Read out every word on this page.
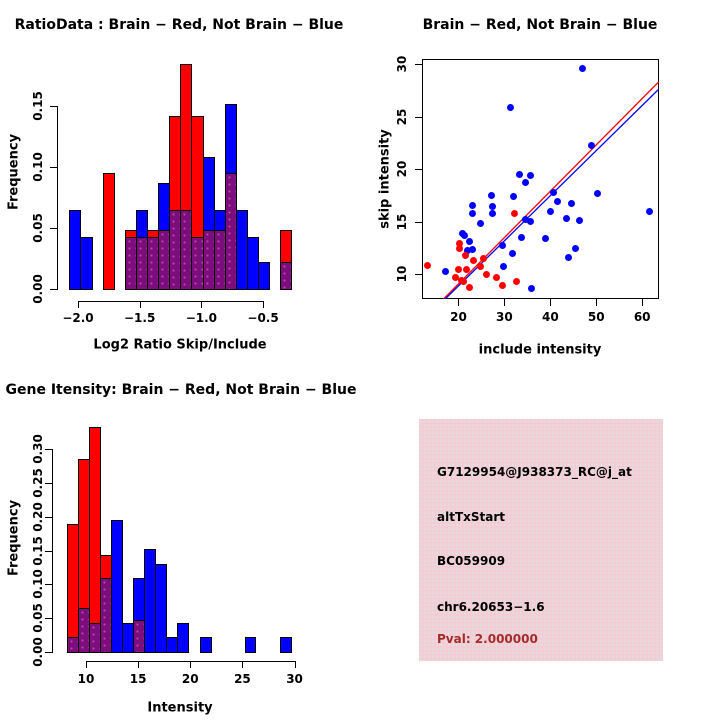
RatioData : Brain − Red, Not Brain − Blue
Frequency
Log2 Ratio Skip/Include
0.00
0.05
0.10
0.15
−2.0	−1.5	−1.0	−0.5
Brain − Red, Not Brain − Blue
skip intensity
include intensity
20 30 40 50 60
10
15
20
25
30
Gene Itensity: Brain − Red, Not Brain − Blue
Frequency
Intensity
0.00
0.05
0.10
0.15
0.20
0.25
0.30
10	15	20	25	30
G7129954@J938373_RC@j_at
altTxStart
BC059909
chr6.20653−1.6
Pval: 2.000000
